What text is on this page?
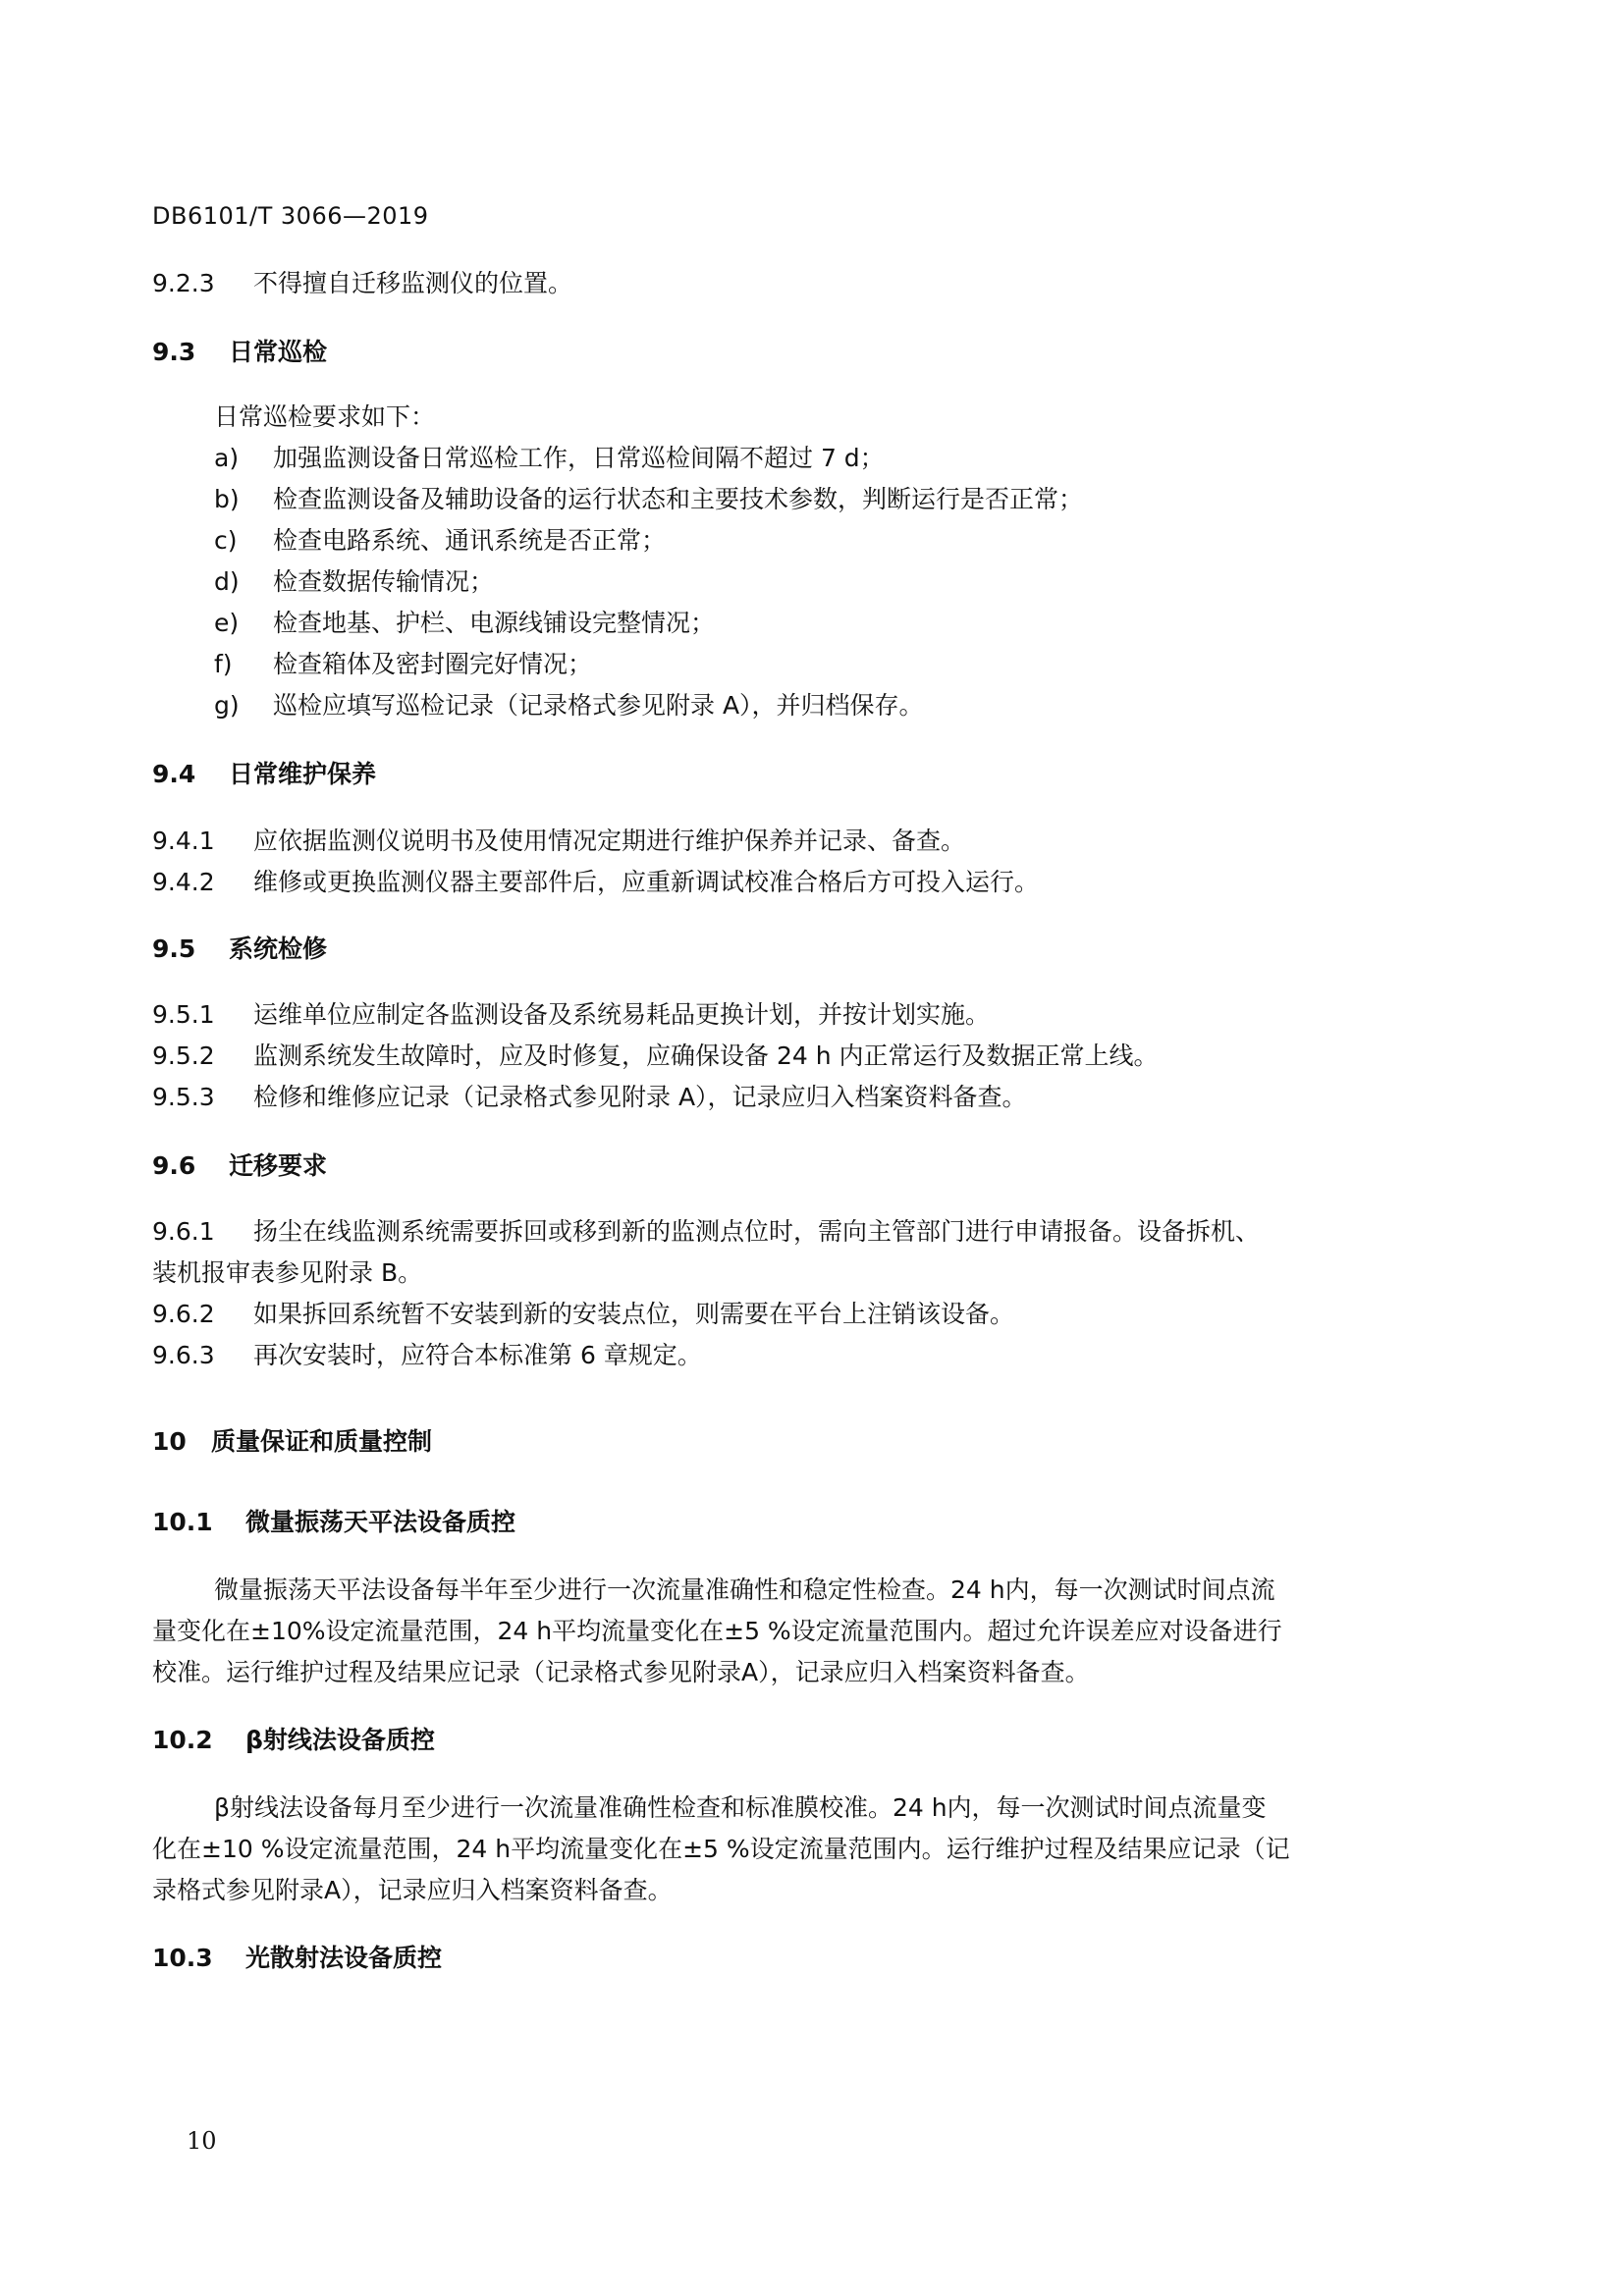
DB6101/T 3066—2019
9.2.3 不得擅自迁移监测仪的位置。
9.3 日常巡检
日常巡检要求如下：
a) 加强监测设备日常巡检工作，日常巡检间隔不超过 7 d；
b) 检查监测设备及辅助设备的运行状态和主要技术参数，判断运行是否正常；
c) 检查电路系统、通讯系统是否正常；
d) 检查数据传输情况；
e) 检查地基、护栏、电源线铺设完整情况；
f) 检查箱体及密封圈完好情况；
g) 巡检应填写巡检记录（记录格式参见附录 A），并归档保存。
9.4 日常维护保养
9.4.1 应依据监测仪说明书及使用情况定期进行维护保养并记录、备查。
9.4.2 维修或更换监测仪器主要部件后，应重新调试校准合格后方可投入运行。
9.5 系统检修
9.5.1 运维单位应制定各监测设备及系统易耗品更换计划，并按计划实施。
9.5.2 监测系统发生故障时，应及时修复，应确保设备 24 h 内正常运行及数据正常上线。
9.5.3 检修和维修应记录（记录格式参见附录 A），记录应归入档案资料备查。
9.6 迁移要求
9.6.1 扬尘在线监测系统需要拆回或移到新的监测点位时，需向主管部门进行申请报备。设备拆机、
装机报审表参见附录 B。
9.6.2 如果拆回系统暂不安装到新的安装点位，则需要在平台上注销该设备。
9.6.3 再次安装时，应符合本标准第 6 章规定。
10 质量保证和质量控制
10.1 微量振荡天平法设备质控
微量振荡天平法设备每半年至少进行一次流量准确性和稳定性检查。24 h内，每一次测试时间点流
量变化在±10%设定流量范围，24 h平均流量变化在±5 %设定流量范围内。超过允许误差应对设备进行
校准。运行维护过程及结果应记录（记录格式参见附录A），记录应归入档案资料备查。
10.2 β射线法设备质控
β射线法设备每月至少进行一次流量准确性检查和标准膜校准。24 h内，每一次测试时间点流量变
化在±10 %设定流量范围，24 h平均流量变化在±5 %设定流量范围内。运行维护过程及结果应记录（记
录格式参见附录A），记录应归入档案资料备查。
10.3 光散射法设备质控
10
